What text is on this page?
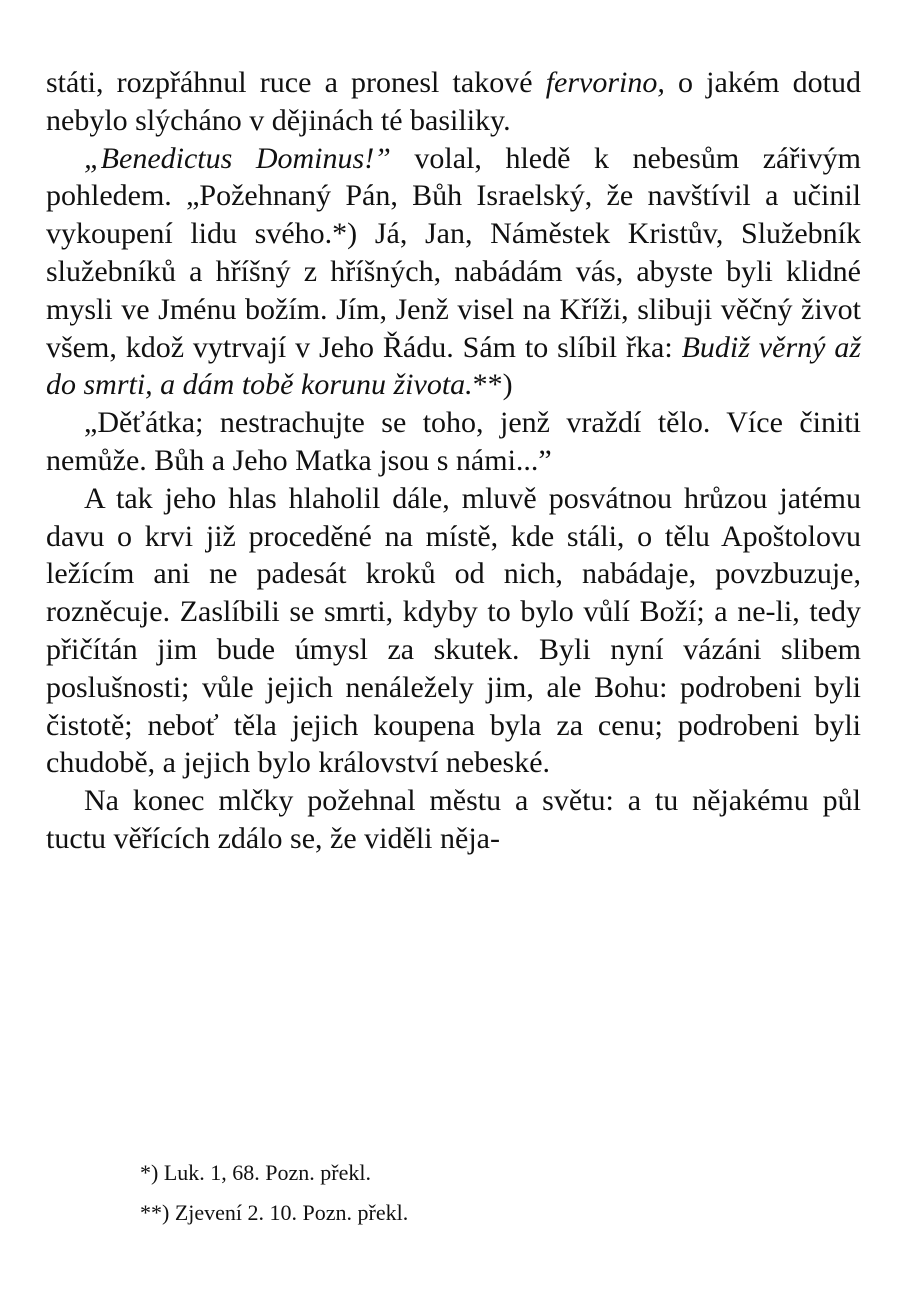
státi, rozpřáhnul ruce a pronesl takové fervorino, o jakém dotud nebylo slýcháno v dějinách té basiliky.

„Benedictus Dominus!” volal, hledě k nebesům zářivým pohledem. „Požehnaný Pán, Bůh Israelský, že navštívil a učinil vykoupení lidu svého.*) Já, Jan, Náměstek Kristův, Služebník služebníků a hříšný z hříšných, nabádám vás, abyste byli klidné mysli ve Jménu božím. Jím, Jenž visel na Kříži, slibuji věčný život všem, kdož vytrvají v Jeho Řádu. Sám to slíbil řka: Budiž věrný až do smrti, a dám tobě korunu života.**)

„Děťátka; nestrachujte se toho, jenž vraždí tělo. Více činiti nemůže. Bůh a Jeho Matka jsou s námi...”

A tak jeho hlas hlaholil dále, mluvě posvátnou hrůzou jatému davu o krvi již proceděné na místě, kde stáli, o tělu Apoštolovu ležícím ani ne padesát kroků od nich, nabádaje, povzbuzuje, rozněcuje. Zaslíbili se smrti, kdyby to bylo vůlí Boží; a ne-li, tedy přičítán jim bude úmysl za skutek. Byli nyní vázáni slibem poslušnosti; vůle jejich nenáležely jim, ale Bohu: podrobeni byli čistotě; neboť těla jejich koupena byla za cenu; podrobeni byli chudobě, a jejich bylo království nebeské.

Na konec mlčky požehnal městu a světu: a tu nějakému půl tuctu věřících zdálo se, že viděli něja-

*) Luk. 1, 68. Pozn. překl.

**) Zjevení 2. 10. Pozn. překl.
